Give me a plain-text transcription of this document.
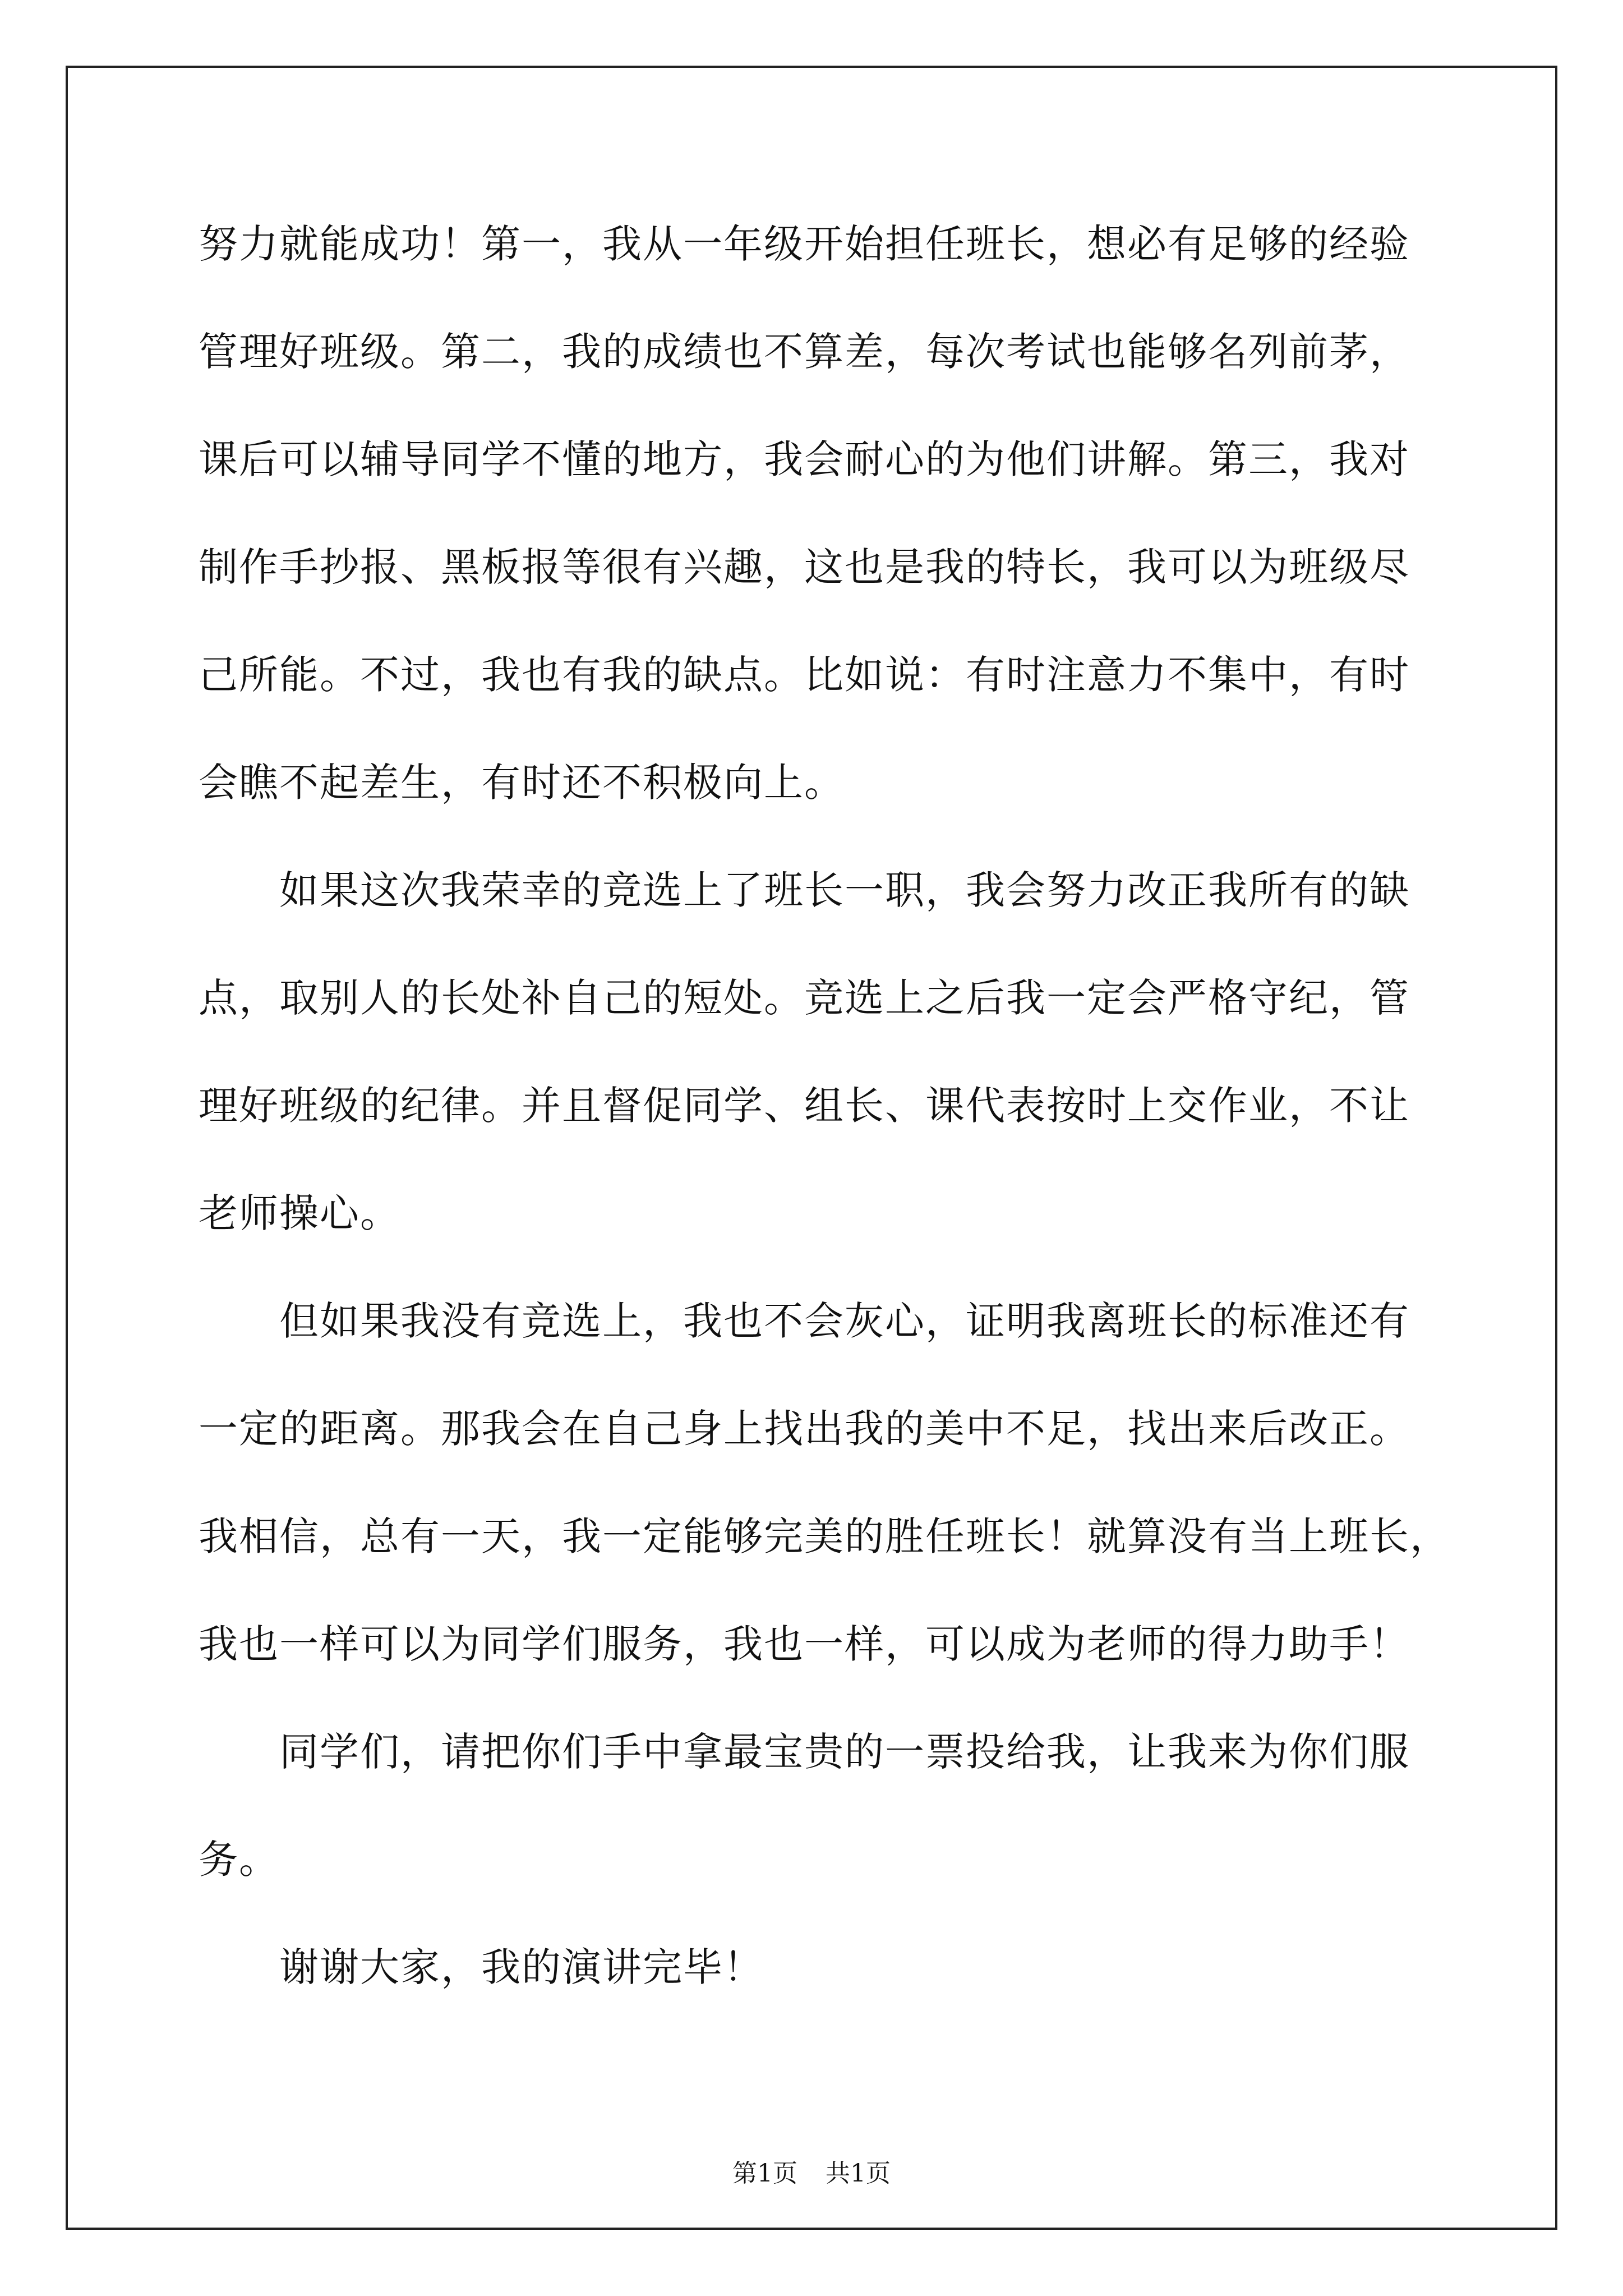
努力就能成功！第一，我从一年级开始担任班长，想必有足够的经验
管理好班级。第二，我的成绩也不算差，每次考试也能够名列前茅，
课后可以辅导同学不懂的地方，我会耐心的为他们讲解。第三，我对
制作手抄报、黑板报等很有兴趣，这也是我的特长，我可以为班级尽
己所能。不过，我也有我的缺点。比如说：有时注意力不集中，有时
会瞧不起差生，有时还不积极向上。
如果这次我荣幸的竞选上了班长一职，我会努力改正我所有的缺
点，取别人的长处补自己的短处。竞选上之后我一定会严格守纪，管
理好班级的纪律。并且督促同学、组长、课代表按时上交作业，不让
老师操心。
但如果我没有竞选上，我也不会灰心，证明我离班长的标准还有
一定的距离。那我会在自己身上找出我的美中不足，找出来后改正。
我相信，总有一天，我一定能够完美的胜任班长！就算没有当上班长，
我也一样可以为同学们服务，我也一样，可以成为老师的得力助手！
同学们，请把你们手中拿最宝贵的一票投给我，让我来为你们服
务。
谢谢大家，我的演讲完毕！
第1页 共1页
